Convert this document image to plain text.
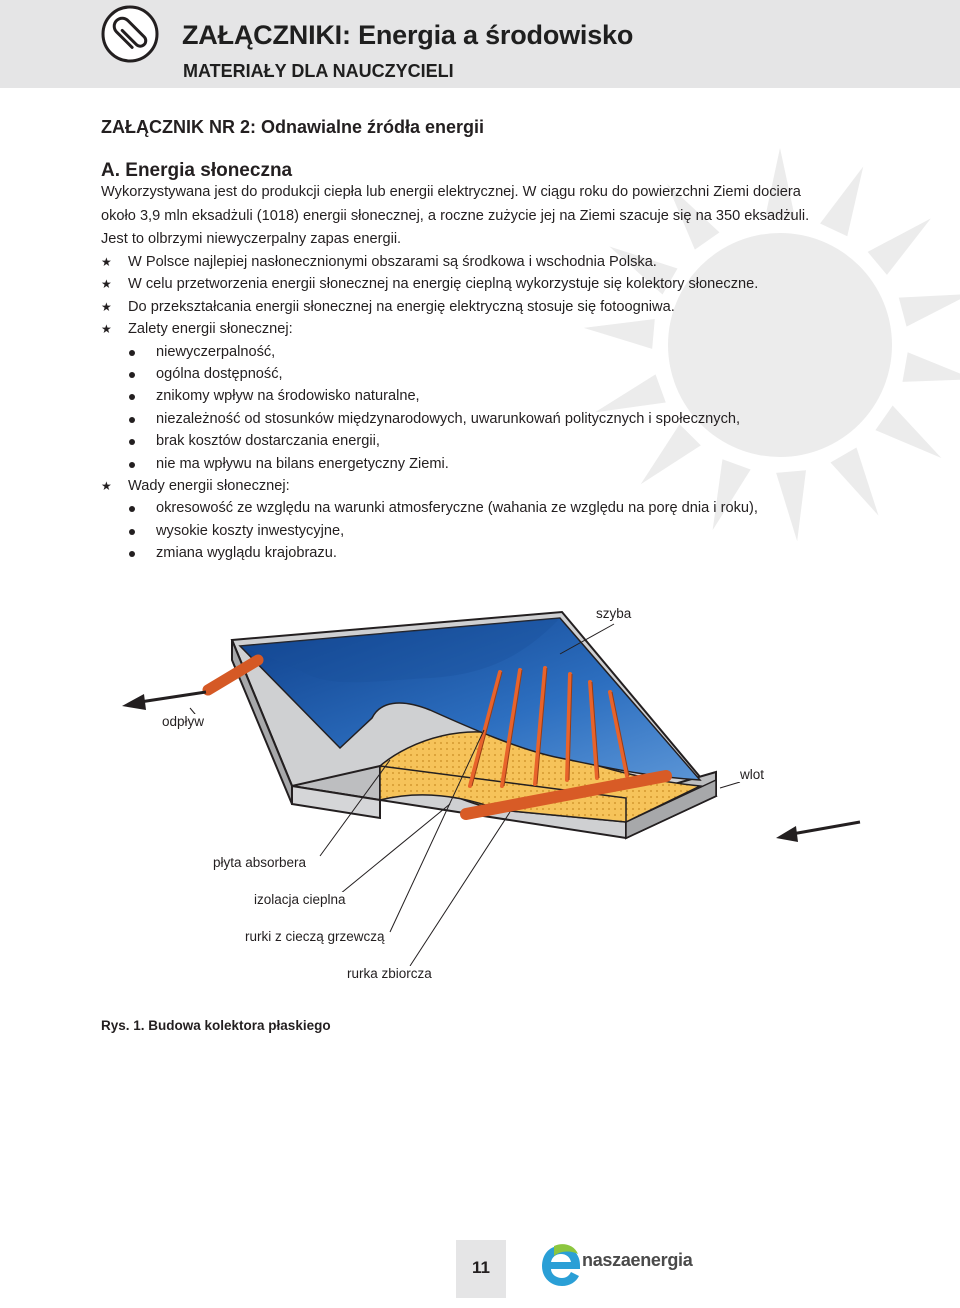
ZAŁĄCZNIKI: Energia a środowisko
MATERIAŁY DLA NAUCZYCIELI
ZAŁĄCZNIK NR 2: Odnawialne źródła energii
A. Energia słoneczna
Wykorzystywana jest do produkcji ciepła lub energii elektrycznej. W ciągu roku do powierzchni Ziemi dociera
około 3,9 mln eksadżuli (1018) energii słonecznej, a roczne zużycie jej na Ziemi szacuje się na 350 eksadżuli.
Jest to olbrzymi niewyczerpalny zapas energii.
★ W Polsce najlepiej nasłonecznionymi obszarami są środkowa i wschodnia Polska.
★ W celu przetworzenia energii słonecznej na energię cieplną wykorzystuje się kolektory słoneczne.
★ Do przekształcania energii słonecznej na energię elektryczną stosuje się fotoogniwa.
★ Zalety energii słonecznej:
niewyczerpalność,
ogólna dostępność,
znikomy wpływ na środowisko naturalne,
niezależność od stosunków międzynarodowych, uwarunkowań politycznych i społecznych,
brak kosztów dostarczania energii,
nie ma wpływu na bilans energetyczny Ziemi.
★ Wady energii słonecznej:
okresowość ze względu na warunki atmosferyczne (wahania ze względu na porę dnia i roku),
wysokie koszty inwestycyjne,
zmiana wyglądu krajobrazu.
szyba
odpływ
wlot
płyta absorbera
izolacja cieplna
rurki z cieczą grzewczą
rurka zbiorcza
Rys. 1. Budowa kolektora płaskiego
11	naszaenergia
